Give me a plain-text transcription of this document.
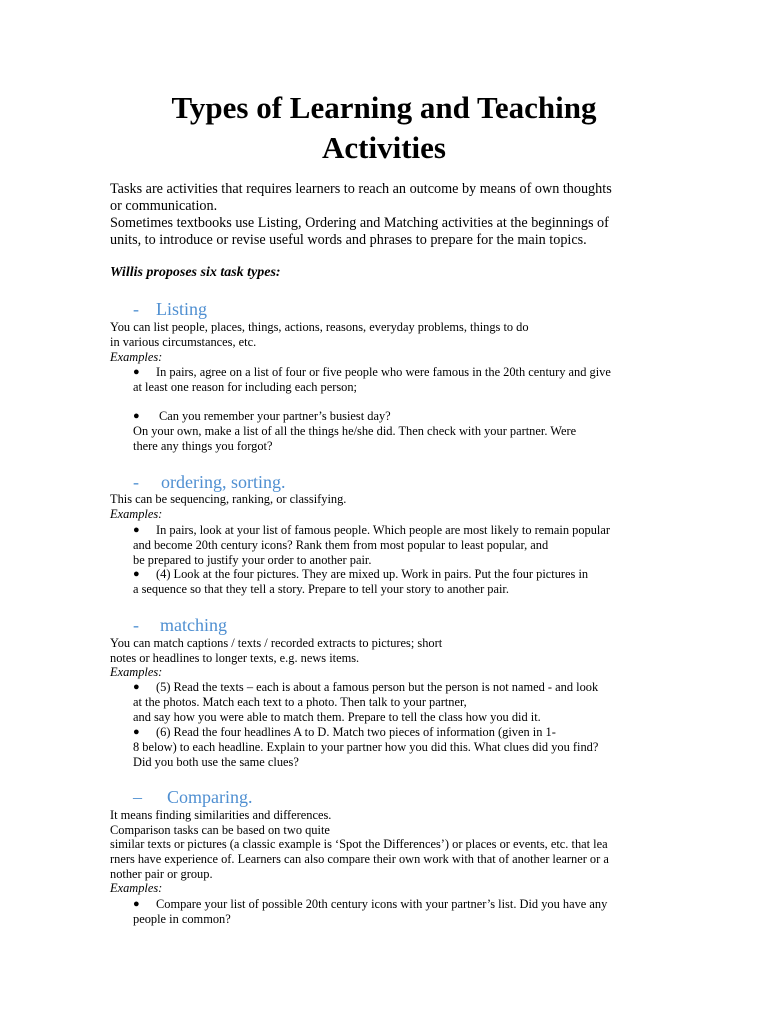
Types of Learning and Teaching
Activities

Tasks are activities that requires learners to reach an outcome by means of own thoughts

or communication.

Sometimes textbooks use Listing, Ordering and Matching activities at the beginnings of

units, to introduce or revise useful words and phrases to prepare for the main topics.

Willis proposes six task types:
- Listing
You can list people, places, things, actions, reasons, everyday problems, things to do
in various circumstances, etc.
Examples:
● In pairs, agree on a list of four or five people who were famous in the 20th century and give
at least one reason for including each person;
● Can you remember your partner’s busiest day?
On your own, make a list of all the things he/she did. Then check with your partner. Were
there any things you forgot?
- ordering, sorting.
This can be sequencing, ranking, or classifying.
Examples:
● In pairs, look at your list of famous people. Which people are most likely to remain popular
and become 20th century icons? Rank them from most popular to least popular, and
be prepared to justify your order to another pair.
● (4) Look at the four pictures. They are mixed up. Work in pairs. Put the four pictures in
a sequence so that they tell a story. Prepare to tell your story to another pair.
- matching
You can match captions / texts / recorded extracts to pictures; short
notes or headlines to longer texts, e.g. news items.
Examples:
● (5) Read the texts – each is about a famous person but the person is not named - and look
at the photos. Match each text to a photo. Then talk to your partner,
and say how you were able to match them. Prepare to tell the class how you did it.
● (6) Read the four headlines A to D. Match two pieces of information (given in 1-
8 below) to each headline. Explain to your partner how you did this. What clues did you find?
Did you both use the same clues?
– Comparing.
It means finding similarities and differences.
Comparison tasks can be based on two quite
similar texts or pictures (a classic example is ‘Spot the Differences’) or places or events, etc. that lea
rners have experience of. Learners can also compare their own work with that of another learner or a
nother pair or group.
Examples:
● Compare your list of possible 20th century icons with your partner’s list. Did you have any
people in common?
